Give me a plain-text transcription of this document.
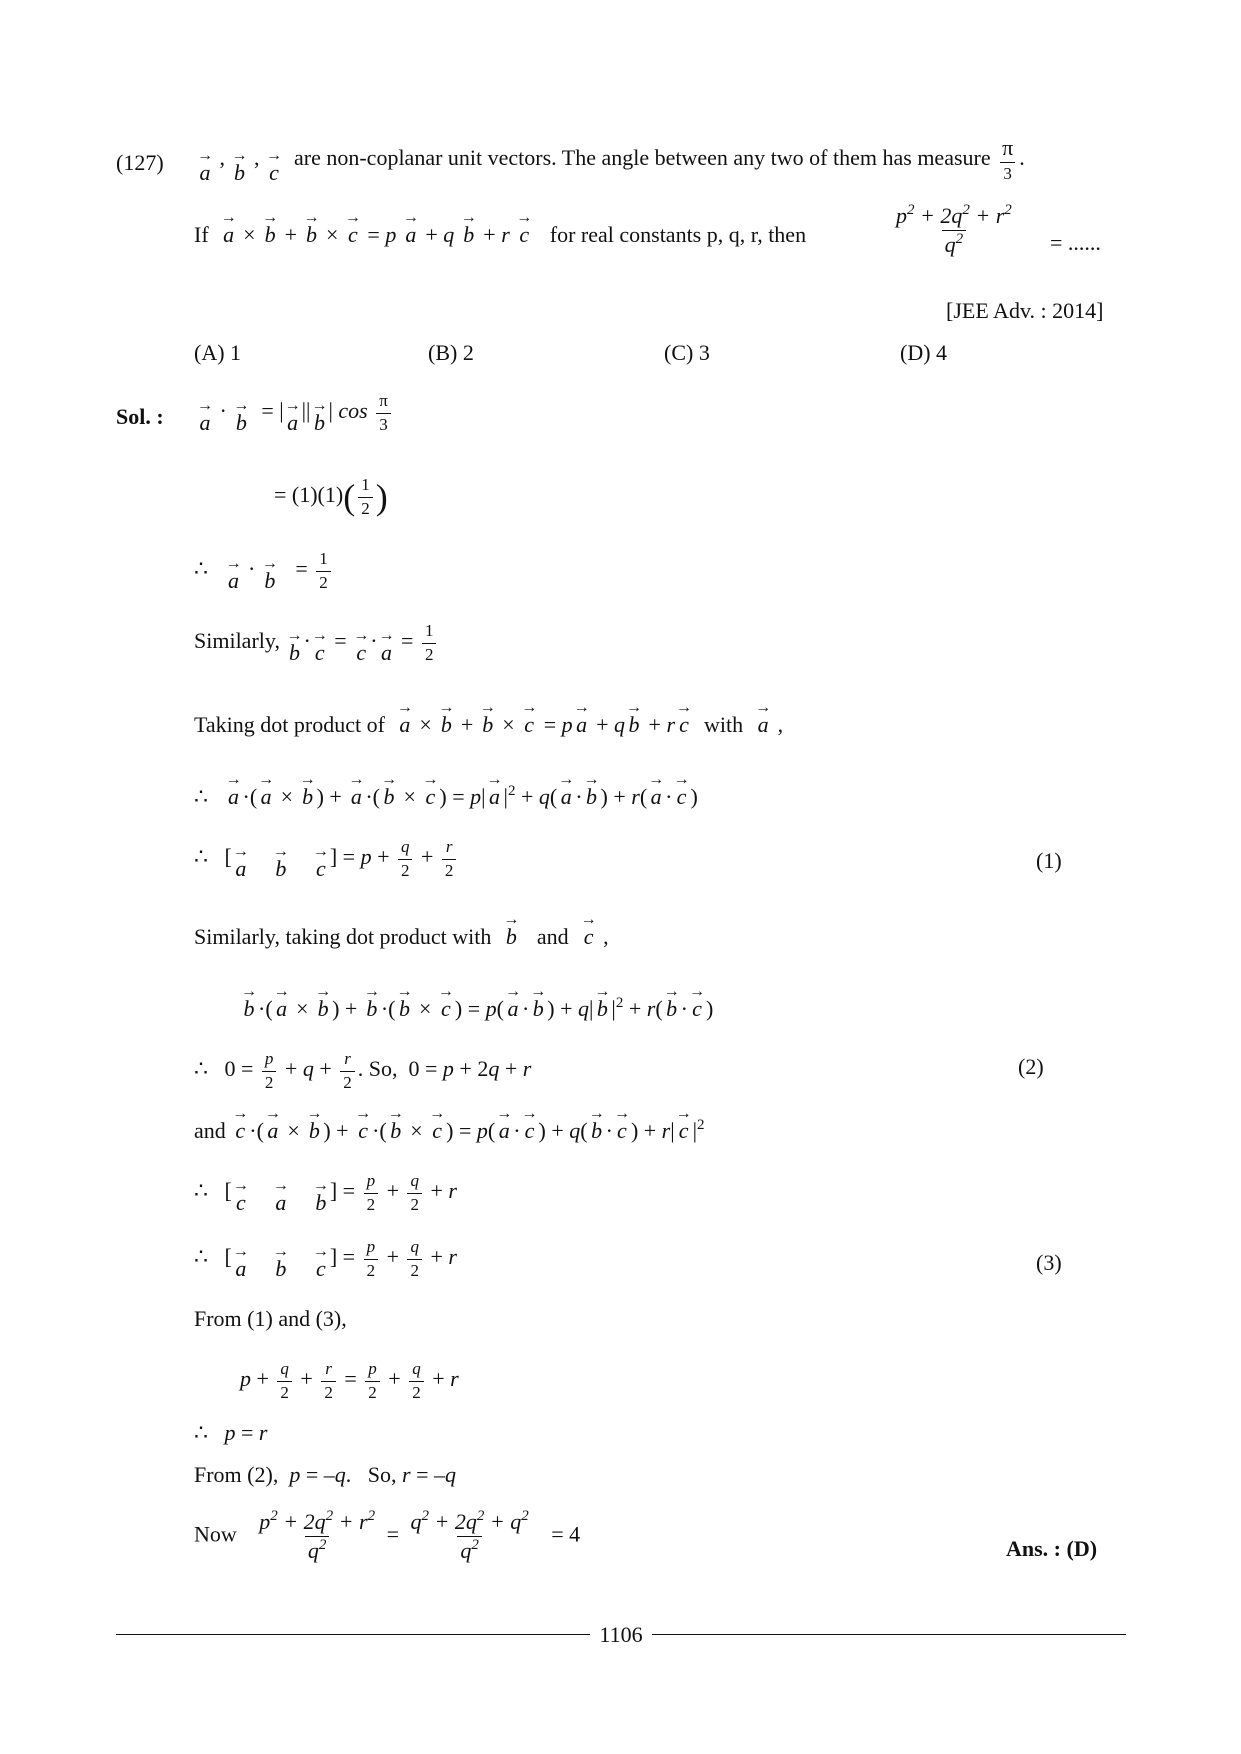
(127) →
a
, →
b
, →
c
are non-coplanar unit vectors. The angle between any two of them has measure $\frac{\pi}{3}$ .
If
→
a ×
→
b +
→
b ×
→
c = p
→
a + q
→
b + r
→
c for real constants p, q, r, then	$\frac{p^2 + 2q^2 + r^2}{q^2}$ = ......
[JEE Adv. : 2014]
(A) 1	(B) 2	(C) 3	(D) 4
Sol. : →
a · →
b = | →
a || →
b | $\cos \frac{\pi}{3}$
= $(1)(1)( \frac{1}{2}$ )
∴ →
a · →
$b = \frac{1}{2}$
Similarly, →
b · →
c = →
c · →
$a = \frac{1}{2}$
Taking dot product of
→
a ×
→
b +
→
b ×
→
c = p
→
a + q
→
b + r
→
c with
→
a ,
∴
→
a ·(
→
a ×
→
b ) +
→
a ·(
→
b ×
→
c ) = p|
→
a $|^2 + q$(
→
a ·
→
b ) + r(
→
a ·
→
c )
∴   [ →
a

→
b

→
c ] = $p + \frac{q}{2} + \frac{r}{2}$	(1)
Similarly, taking dot product with
→
b and
→
c ,
→
b ·(
→
a ×
→
b ) +
→
b ·(
→
b ×
→
c ) = p(
→
a ·
→
b ) + q|
→
b $|^2 + r$(
→
b ·
→
c )
∴   $0 = \frac{p}{2} + q + \frac{r}{2}$ . So,  0 = p + 2q + r	(2)
and
→
c ·(
→
a ×
→
b ) +
→
c ·(
→
b ×
→
c ) = p(
→
a ·
→
c ) + q(
→
b ·
→
c ) + r|
→
c $|^2$
∴   [ →
c

→
a

→
b ] = $\frac{p}{2} + \frac{q}{2} + r$
∴   [ →
a

→
b

→
c ] = $\frac{p}{2} + \frac{q}{2} + r$	(3)
From (1) and (3),
$p + \frac{q}{2} + \frac{r}{2} = \frac{p}{2} + \frac{q}{2} + r$
∴   p = r
From (2), p = –q.   So, r = –q
Now $\frac{p^2 + 2q^2 + r^2}{q^2} = \frac{q^2 + 2q^2 + q^2}{q^2} = 4$
Ans. : (D)
1106
